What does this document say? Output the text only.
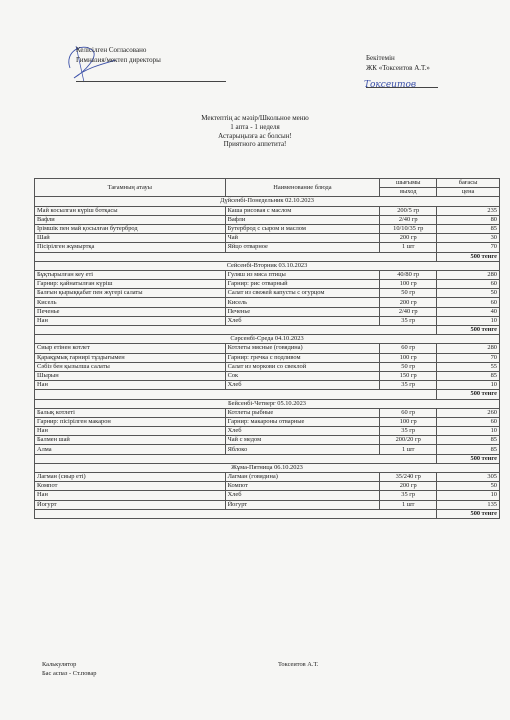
Келісілген Согласовано
Гимназия/мектеп директоры	Бекітемін
ЖК «Токсеитов А.Т.»
Токсеитов
Мектептің ас мәзір/Школьное меню
1 апта - 1 неделя
Астарыңызға ас болсын!
Приятного аппетита!
Тағамның атауы	Наименование блюда	шығымы	бағасы
		выход	цена
Дүйсенбі-Понедельник 02.10.2023			
Май косылган күріш ботқасы	Каша рисовая с маслом	200/5 гр	235
Вафли	Вафли	2/40 гр	80
Ірімшік пен май қосылған бутерброд	Бутерброд с сыром и маслом	10/10/35 гр	85
Шай	Чай	200 гр	30
Пісірілген жұмыртқа	Яйцо отварное	1 шт	70
			500 тенге
Сейсенбі-Вторник 03.10.2023			
Бұқтырылған кеу еті	Гуляш из мяса птицы	40/80 гр	280
Гарнир: қайнатылған күріш	Гарнир: рис отварный	100 гр	60
Балғын қырыққабат пен жүгері салаты	Салат из свежей капусты с огурцом	50 гр	50
Кисель	Кисель	200 гр	60
Печенье	Печенье	2/40 гр	40
Нан	Хлеб	35 гр	10
			500 тенге
Сәрсенбі-Среда 04.10.2023			
Сиыр етінен котлет	Котлеты мясные (говядина)	60 гр	280
Қарақұмық гарнирі тұздығымен	Гарнир: гречка с подливом	100 гр	70
Сәбіз бен қызылша салаты	Салат из моркови со свеклой	50 гр	55
Шырын	Сок	150 гр	85
Нан	Хлеб	35 гр	10
			500 тенге
Бейсенбі-Четверг 05.10.2023			
Балық котлеті	Котлеты рыбные	60 гр	260
Гарнир: пісірілген макарон	Гарнир: макароны отварные	100 гр	60
Нан	Хлеб	35 гр	10
Балмен шай	Чай с медом	200/20 гр	85
Алма	Яблоко	1 шт	85
			500 тенге
Жұма-Пятница 06.10.2023			
Лагман (сиыр еті)	Лагман (говядина)	35/240 гр	305
Компот	Компот	200 гр	50
Нан	Хлеб	35 гр	10
Йогурт	Йогурт	1 шт	135
			500 тенге
Калькулятор
Бас аспаз - Ст.повар
Токсеитов А.Т.
